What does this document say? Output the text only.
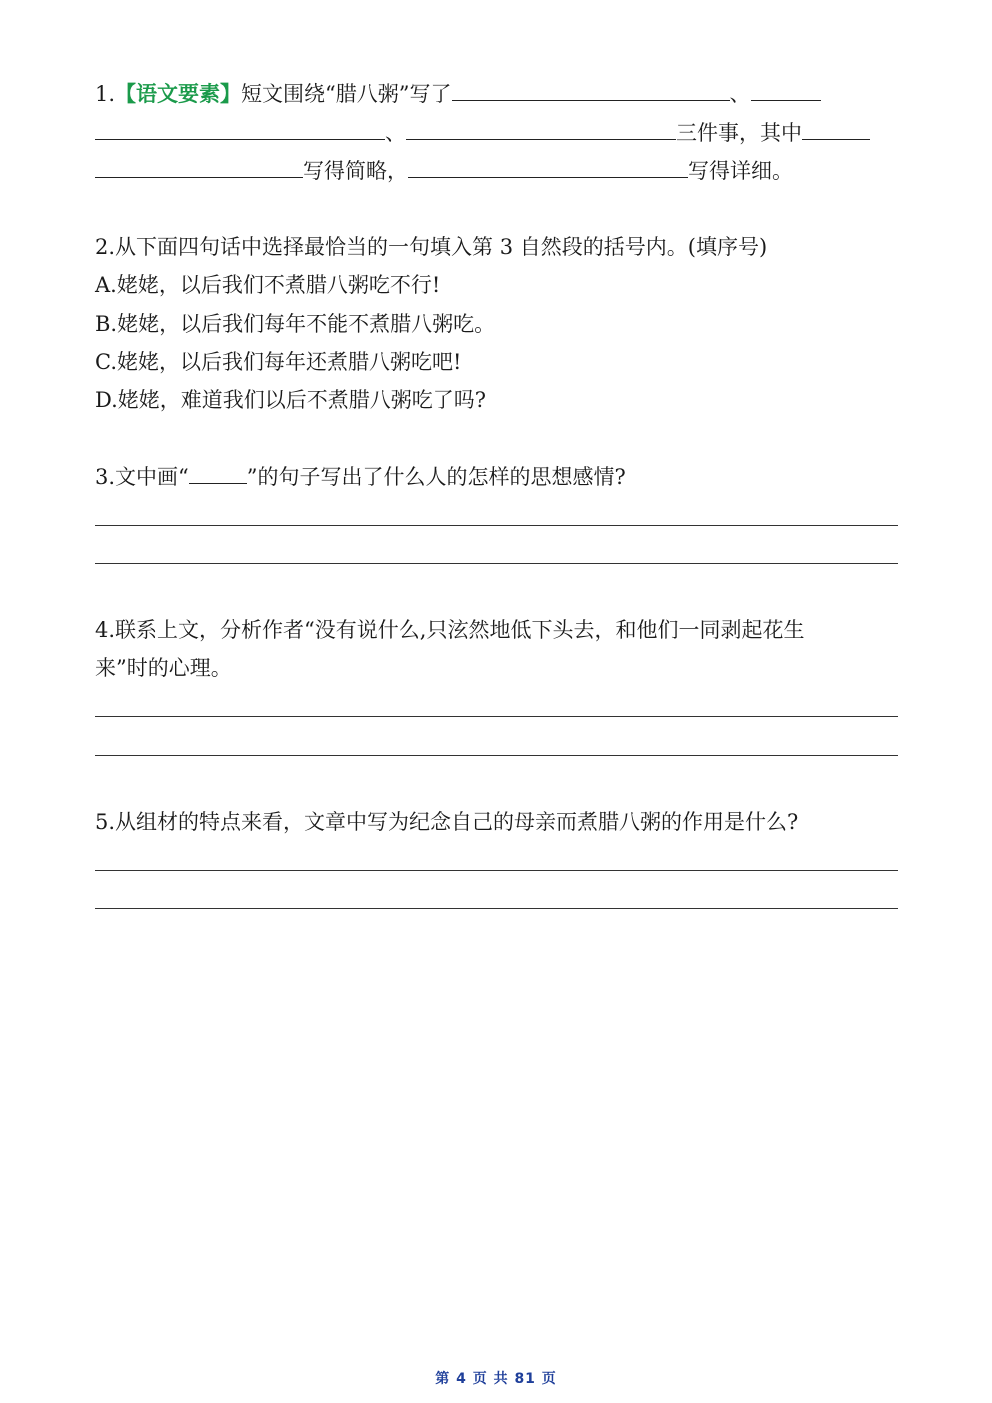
1.【语文要素】短文围绕“腊八粥”写了	、
、	三件事，其中
写得简略，	写得详细。
2.从下面四句话中选择最恰当的一句填入第 3 自然段的括号内。(填序号)
A.姥姥，以后我们不煮腊八粥吃不行!
B.姥姥，以后我们每年不能不煮腊八粥吃。
C.姥姥，以后我们每年还煮腊八粥吃吧!
D.姥姥，难道我们以后不煮腊八粥吃了吗?
3.文中画“	”的句子写出了什么人的怎样的思想感情?
4.联系上文，分析作者“没有说什么,只泫然地低下头去，和他们一同剥起花生
来”时的心理。
5.从组材的特点来看，文章中写为纪念自己的母亲而煮腊八粥的作用是什么?
第 4 页 共 81 页
